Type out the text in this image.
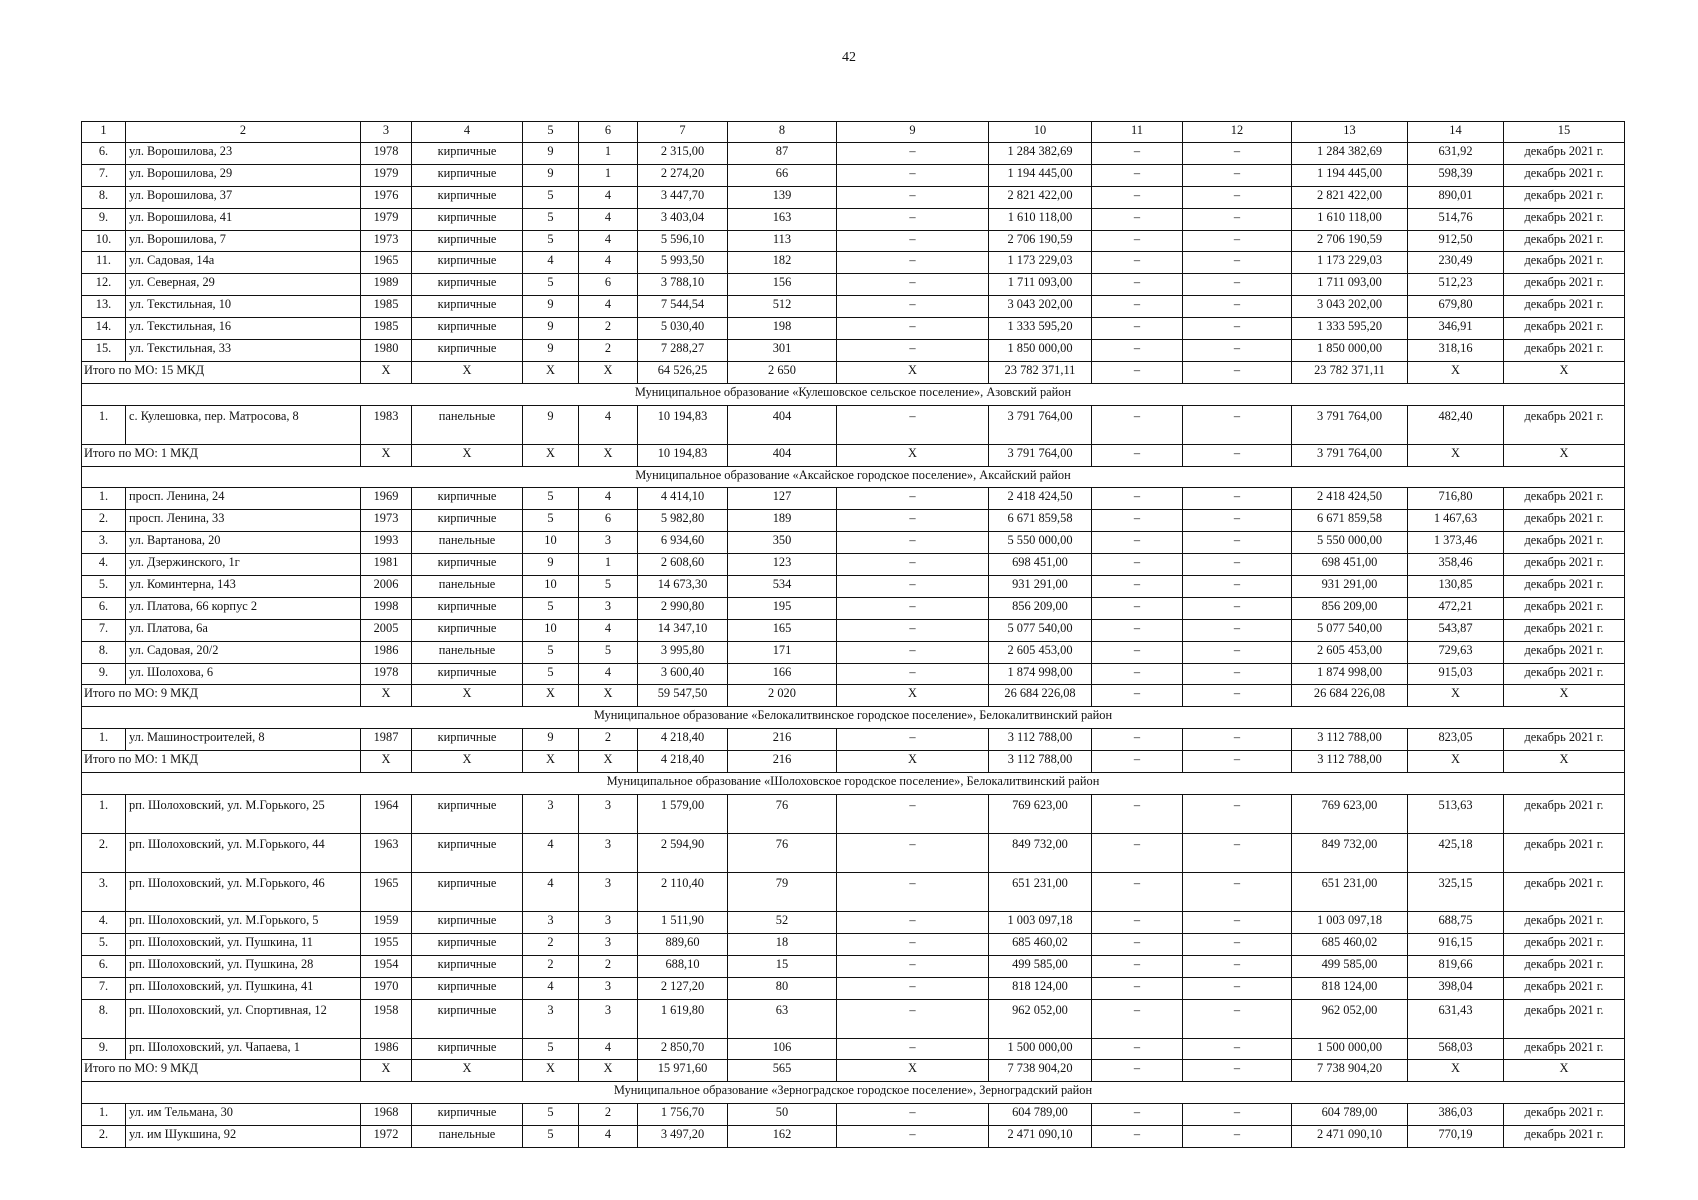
42
1	2	3	4	5	6	7	8	9	10	11	12	13	14	15
6.	ул. Ворошилова, 23	1978	кирпичные	9	1	2 315,00	87	–	1 284 382,69	–	–	1 284 382,69	631,92	декабрь 2021 г.
7.	ул. Ворошилова, 29	1979	кирпичные	9	1	2 274,20	66	–	1 194 445,00	–	–	1 194 445,00	598,39	декабрь 2021 г.
8.	ул. Ворошилова, 37	1976	кирпичные	5	4	3 447,70	139	–	2 821 422,00	–	–	2 821 422,00	890,01	декабрь 2021 г.
9.	ул. Ворошилова, 41	1979	кирпичные	5	4	3 403,04	163	–	1 610 118,00	–	–	1 610 118,00	514,76	декабрь 2021 г.
10.	ул. Ворошилова, 7	1973	кирпичные	5	4	5 596,10	113	–	2 706 190,59	–	–	2 706 190,59	912,50	декабрь 2021 г.
11.	ул. Садовая, 14а	1965	кирпичные	4	4	5 993,50	182	–	1 173 229,03	–	–	1 173 229,03	230,49	декабрь 2021 г.
12.	ул. Северная, 29	1989	кирпичные	5	6	3 788,10	156	–	1 711 093,00	–	–	1 711 093,00	512,23	декабрь 2021 г.
13.	ул. Текстильная, 10	1985	кирпичные	9	4	7 544,54	512	–	3 043 202,00	–	–	3 043 202,00	679,80	декабрь 2021 г.
14.	ул. Текстильная, 16	1985	кирпичные	9	2	5 030,40	198	–	1 333 595,20	–	–	1 333 595,20	346,91	декабрь 2021 г.
15.	ул. Текстильная, 33	1980	кирпичные	9	2	7 288,27	301	–	1 850 000,00	–	–	1 850 000,00	318,16	декабрь 2021 г.
Итого по МО: 15 МКД		X	X	X	X	64 526,25	2 650	X	23 782 371,11	–	–	23 782 371,11	X	X
Муниципальное образование «Кулешовское сельское поселение», Азовский район														
1.	с. Кулешовка, пер. Матросова, 8	1983	панельные	9	4	10 194,83	404	–	3 791 764,00	–	–	3 791 764,00	482,40	декабрь 2021 г.
Итого по МО: 1 МКД		X	X	X	X	10 194,83	404	X	3 791 764,00	–	–	3 791 764,00	X	X
Муниципальное образование «Аксайское городское поселение», Аксайский район														
1.	просп. Ленина, 24	1969	кирпичные	5	4	4 414,10	127	–	2 418 424,50	–	–	2 418 424,50	716,80	декабрь 2021 г.
2.	просп. Ленина, 33	1973	кирпичные	5	6	5 982,80	189	–	6 671 859,58	–	–	6 671 859,58	1 467,63	декабрь 2021 г.
3.	ул. Вартанова, 20	1993	панельные	10	3	6 934,60	350	–	5 550 000,00	–	–	5 550 000,00	1 373,46	декабрь 2021 г.
4.	ул. Дзержинского, 1г	1981	кирпичные	9	1	2 608,60	123	–	698 451,00	–	–	698 451,00	358,46	декабрь 2021 г.
5.	ул. Коминтерна, 143	2006	панельные	10	5	14 673,30	534	–	931 291,00	–	–	931 291,00	130,85	декабрь 2021 г.
6.	ул. Платова, 66 корпус 2	1998	кирпичные	5	3	2 990,80	195	–	856 209,00	–	–	856 209,00	472,21	декабрь 2021 г.
7.	ул. Платова, 6а	2005	кирпичные	10	4	14 347,10	165	–	5 077 540,00	–	–	5 077 540,00	543,87	декабрь 2021 г.
8.	ул. Садовая, 20/2	1986	панельные	5	5	3 995,80	171	–	2 605 453,00	–	–	2 605 453,00	729,63	декабрь 2021 г.
9.	ул. Шолохова, 6	1978	кирпичные	5	4	3 600,40	166	–	1 874 998,00	–	–	1 874 998,00	915,03	декабрь 2021 г.
Итого по МО: 9 МКД		X	X	X	X	59 547,50	2 020	X	26 684 226,08	–	–	26 684 226,08	X	X
Муниципальное образование «Белокалитвинское городское поселение», Белокалитвинский район														
1.	ул. Машиностроителей, 8	1987	кирпичные	9	2	4 218,40	216	–	3 112 788,00	–	–	3 112 788,00	823,05	декабрь 2021 г.
Итого по МО: 1 МКД		X	X	X	X	4 218,40	216	X	3 112 788,00	–	–	3 112 788,00	X	X
Муниципальное образование «Шолоховское городское поселение», Белокалитвинский район														
1.	рп. Шолоховский, ул. М.Горького, 25	1964	кирпичные	3	3	1 579,00	76	–	769 623,00	–	–	769 623,00	513,63	декабрь 2021 г.
2.	рп. Шолоховский, ул. М.Горького, 44	1963	кирпичные	4	3	2 594,90	76	–	849 732,00	–	–	849 732,00	425,18	декабрь 2021 г.
3.	рп. Шолоховский, ул. М.Горького, 46	1965	кирпичные	4	3	2 110,40	79	–	651 231,00	–	–	651 231,00	325,15	декабрь 2021 г.
4.	рп. Шолоховский, ул. М.Горького, 5	1959	кирпичные	3	3	1 511,90	52	–	1 003 097,18	–	–	1 003 097,18	688,75	декабрь 2021 г.
5.	рп. Шолоховский, ул. Пушкина, 11	1955	кирпичные	2	3	889,60	18	–	685 460,02	–	–	685 460,02	916,15	декабрь 2021 г.
6.	рп. Шолоховский, ул. Пушкина, 28	1954	кирпичные	2	2	688,10	15	–	499 585,00	–	–	499 585,00	819,66	декабрь 2021 г.
7.	рп. Шолоховский, ул. Пушкина, 41	1970	кирпичные	4	3	2 127,20	80	–	818 124,00	–	–	818 124,00	398,04	декабрь 2021 г.
8.	рп. Шолоховский, ул. Спортивная, 12	1958	кирпичные	3	3	1 619,80	63	–	962 052,00	–	–	962 052,00	631,43	декабрь 2021 г.
9.	рп. Шолоховский, ул. Чапаева, 1	1986	кирпичные	5	4	2 850,70	106	–	1 500 000,00	–	–	1 500 000,00	568,03	декабрь 2021 г.
Итого по МО: 9 МКД		X	X	X	X	15 971,60	565	X	7 738 904,20	–	–	7 738 904,20	X	X
Муниципальное образование «Зерноградское городское поселение», Зерноградский район														
1.	ул. им Тельмана, 30	1968	кирпичные	5	2	1 756,70	50	–	604 789,00	–	–	604 789,00	386,03	декабрь 2021 г.
2.	ул. им Шукшина, 92	1972	панельные	5	4	3 497,20	162	–	2 471 090,10	–	–	2 471 090,10	770,19	декабрь 2021 г.
